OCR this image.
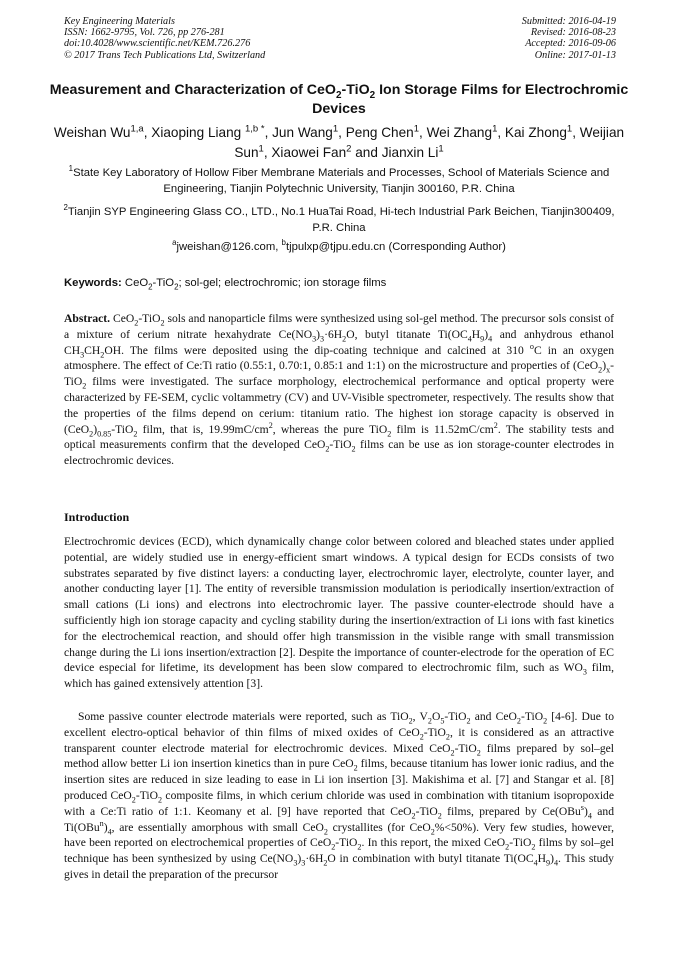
Key Engineering Materials
ISSN: 1662-9795, Vol. 726, pp 276-281
doi:10.4028/www.scientific.net/KEM.726.276
© 2017 Trans Tech Publications Ltd, Switzerland
Submitted: 2016-04-19
Revised: 2016-08-23
Accepted: 2016-09-06
Online: 2017-01-13
Measurement and Characterization of CeO$_2$-TiO$_2$ Ion Storage Films for Electrochromic Devices
Weishan Wu$^{1,a}$, Xiaoping Liang $^{1,b *}$, Jun Wang$^1$, Peng Chen$^1$, Wei Zhang$^1$, Kai Zhong$^1$, Weijian Sun$^1$, Xiaowei Fan$^2$ and Jianxin Li$^1$
$^1$State Key Laboratory of Hollow Fiber Membrane Materials and Processes, School of Materials Science and Engineering, Tianjin Polytechnic University, Tianjin 300160, P.R. China
$^2$Tianjin SYP Engineering Glass CO., LTD., No.1 HuaTai Road, Hi-tech Industrial Park Beichen, Tianjin300409, P.R. China
$^a$jweishan@126.com, $^b$tjpulxp@tjpu.edu.cn (Corresponding Author)
Keywords: CeO$_2$-TiO$_2$; sol-gel; electrochromic; ion storage films
Abstract. CeO$_2$-TiO$_2$ sols and nanoparticle films were synthesized using sol-gel method. The precursor sols consist of a mixture of cerium nitrate hexahydrate $Ce(NO_3)_3\cdot 6H_2O$, butyl titanate $Ti(OC_4H_9)_4$ and anhydrous ethanol $CH_3CH_2OH$. The films were deposited using the dip-coating technique and calcined at 310 $^o$C in an oxygen atmosphere. The effect of Ce:Ti ratio (0.55:1, 0.70:1, 0.85:1 and 1:1) on the microstructure and properties of $(CeO_2)_x-TiO_2$ films were investigated. The surface morphology, electrochemical performance and optical property were characterized by FE-SEM, cyclic voltammetry (CV) and UV-Visible spectrometer, respectively. The results show that the properties of the films depend on cerium: titanium ratio. The highest ion storage capacity is observed in $(CeO_2)_{0.85}-TiO_2$ film, that is, $19.99mC/cm^2$, whereas the pure TiO$_2$ film is $11.52mC/cm^2$. The stability tests and optical measurements confirm that the developed CeO$_2$-TiO$_2$ films can be use as ion storage-counter electrodes in electrochromic devices.
Introduction
Electrochromic devices (ECD), which dynamically change color between colored and bleached states under applied potential, are widely studied use in energy-efficient smart windows. A typical design for ECDs consists of two substrates separated by five distinct layers: a conducting layer, electrochromic layer, electrolyte, counter layer, and another conducting layer [1]. The entity of reversible transmission modulation is periodically insertion/extraction of small cations (Li ions) and electrons into electrochromic layer. The passive counter-electrode should have a sufficiently high ion storage capacity and cycling stability during the insertion/extraction of Li ions with fast kinetics for the electrochemical reaction, and should offer high transmission in the visible range with small transmission change during the Li ions insertion/extraction [2]. Despite the importance of counter-electrode for the operation of EC device especial for lifetime, its development has been slow compared to electrochromic film, such as $WO_3$ film, which has gained extensively attention [3].
Some passive counter electrode materials were reported, such as TiO$_2$, $V_2O_5-TiO_2$ and CeO$_2$-TiO$_2$ [4-6]. Due to excellent electro-optical behavior of thin films of mixed oxides of CeO$_2$-TiO$_2$, it is considered as an attractive transparent counter electrode material for electrochromic devices. Mixed CeO$_2$-TiO$_2$ films prepared by sol–gel method allow better Li ion insertion kinetics than in pure CeO$_2$ films, because titanium has lower ionic radius, and the insertion sites are reduced in size leading to ease in Li ion insertion [3]. Makishima et al. [7] and Stangar et al. [8] produced CeO$_2$-TiO$_2$ composite films, in which cerium chloride was used in combination with titanium isopropoxide with a Ce:Ti ratio of 1:1. Keomany et al. [9] have reported that CeO$_2$-TiO$_2$ films, prepared by $Ce(OBu^s)_4$ and $Ti(OBu^n)_4$, are essentially amorphous with small CeO$_2$ crystallites (for CeO$_2$%<50%). Very few studies, however, have been reported on electrochemical properties of CeO$_2$-TiO$_2$. In this report, the mixed CeO$_2$-TiO$_2$ films by sol–gel technique has been synthesized by using $Ce(NO_3)_3\cdot 6H_2O$ in combination with butyl titanate $Ti(OC_4H_9)_4$. This study gives in detail the preparation of the precursor
